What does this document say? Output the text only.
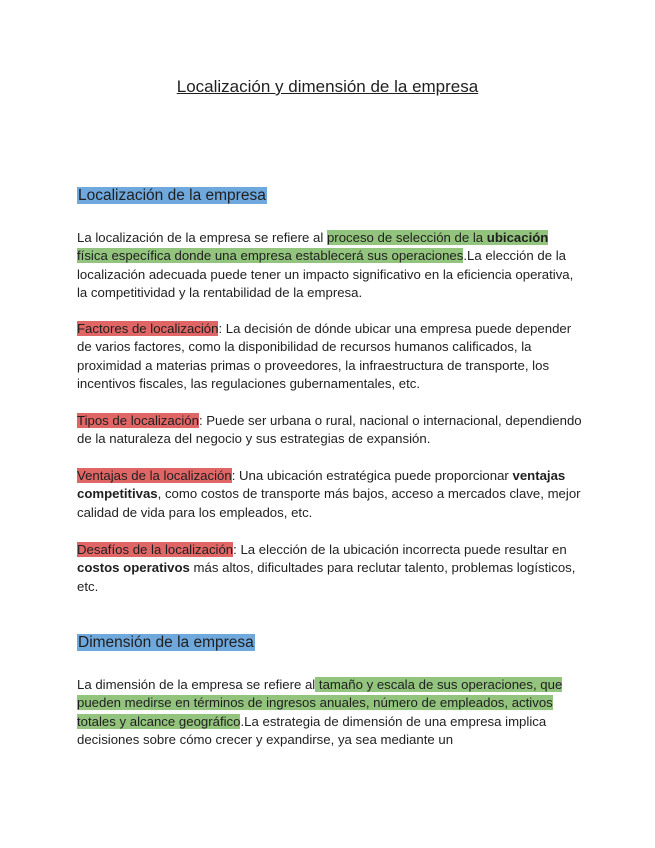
Localización y dimensión de la empresa
Localización de la empresa

La localización de la empresa se refiere al proceso de selección de la ubicación física específica donde una empresa establecerá sus operaciones.La elección de la localización adecuada puede tener un impacto significativo en la eficiencia operativa, la competitividad y la rentabilidad de la empresa.

Factores de localización: La decisión de dónde ubicar una empresa puede depender de varios factores, como la disponibilidad de recursos humanos calificados, la proximidad a materias primas o proveedores, la infraestructura de transporte, los incentivos fiscales, las regulaciones gubernamentales, etc.

Tipos de localización: Puede ser urbana o rural, nacional o internacional, dependiendo de la naturaleza del negocio y sus estrategias de expansión.

Ventajas de la localización: Una ubicación estratégica puede proporcionar ventajas competitivas, como costos de transporte más bajos, acceso a mercados clave, mejor calidad de vida para los empleados, etc.

Desafíos de la localización: La elección de la ubicación incorrecta puede resultar en costos operativos más altos, dificultades para reclutar talento, problemas logísticos, etc.

Dimensión de la empresa

La dimensión de la empresa se refiere al tamaño y escala de sus operaciones, que pueden medirse en términos de ingresos anuales, número de empleados, activos totales y alcance geográfico.La estrategia de dimensión de una empresa implica decisiones sobre cómo crecer y expandirse, ya sea mediante un
